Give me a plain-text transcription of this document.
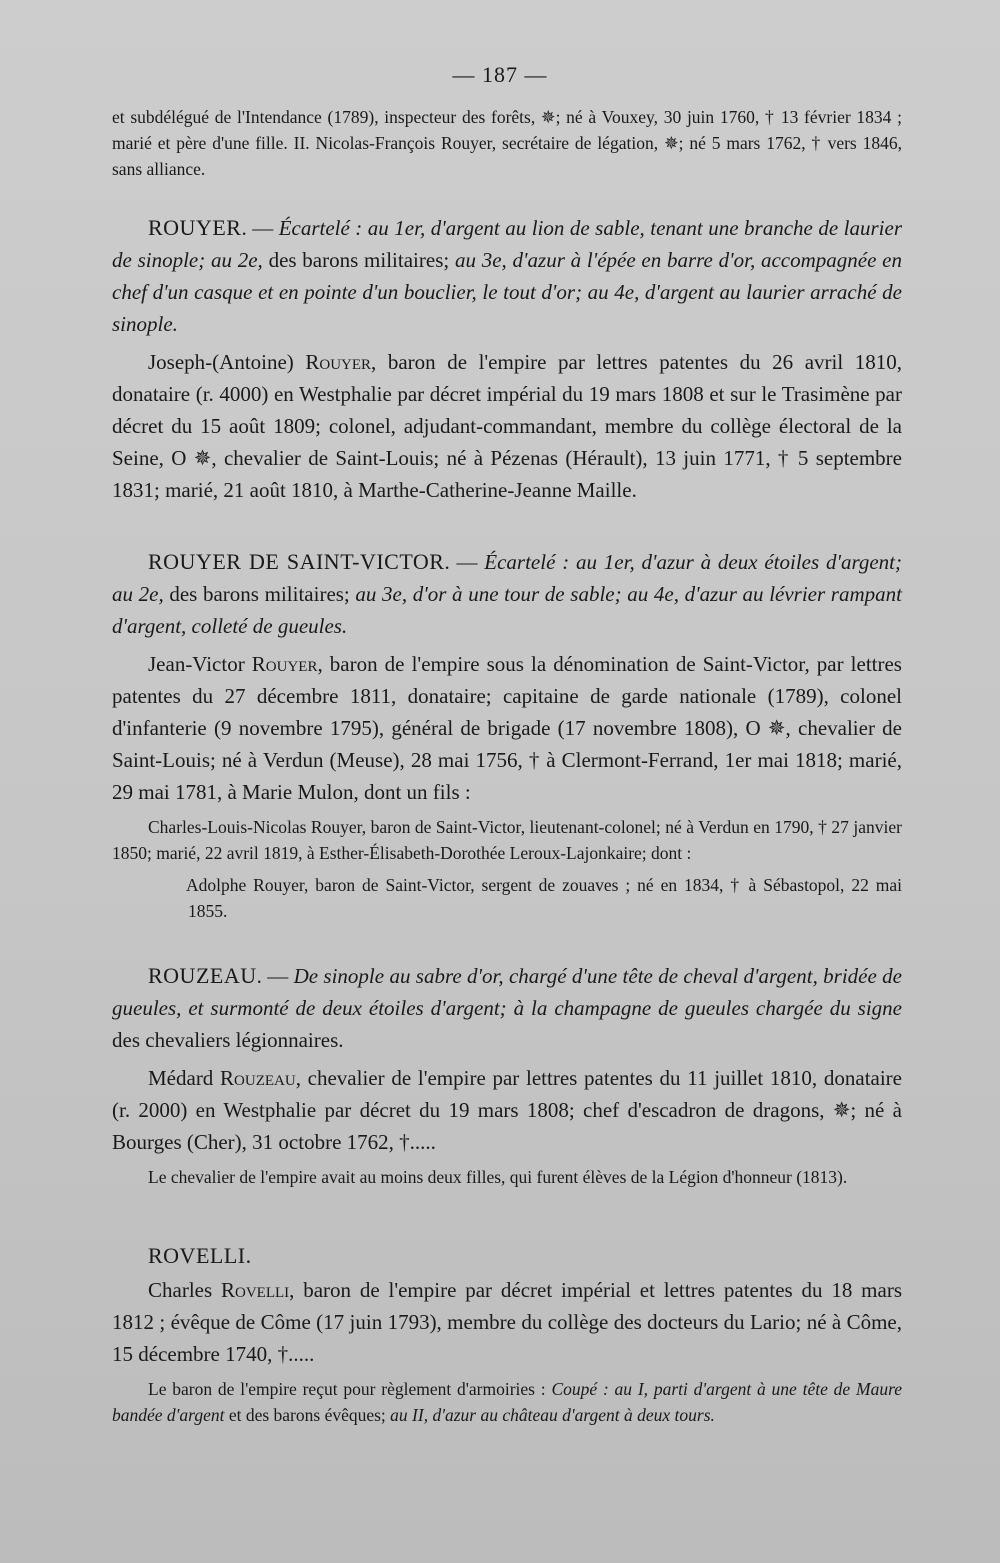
— 187 —

et subdélégué de l'Intendance (1789), inspecteur des forêts, ✵; né à Vouxey, 30 juin 1760, † 13 février 1834 ; marié et père d'une fille. II. Nicolas-François Rouyer, secrétaire de légation, ✵; né 5 mars 1762, † vers 1846, sans alliance.

ROUYER. — Écartelé : au 1er, d'argent au lion de sable, tenant une branche de laurier de sinople; au 2e, des barons militaires; au 3e, d'azur à l'épée en barre d'or, accompagnée en chef d'un casque et en pointe d'un bouclier, le tout d'or; au 4e, d'argent au laurier arraché de sinople.

Joseph-(Antoine) Rouyer, baron de l'empire par lettres patentes du 26 avril 1810, donataire (r. 4000) en Westphalie par décret impérial du 19 mars 1808 et sur le Trasimène par décret du 15 août 1809; colonel, adjudant-commandant, membre du collège électoral de la Seine, O ✵, chevalier de Saint-Louis; né à Pézenas (Hérault), 13 juin 1771, † 5 septembre 1831; marié, 21 août 1810, à Marthe-Catherine-Jeanne Maille.

ROUYER DE SAINT-VICTOR. — Écartelé : au 1er, d'azur à deux étoiles d'argent; au 2e, des barons militaires; au 3e, d'or à une tour de sable; au 4e, d'azur au lévrier rampant d'argent, colleté de gueules.

Jean-Victor Rouyer, baron de l'empire sous la dénomination de Saint-Victor, par lettres patentes du 27 décembre 1811, donataire; capitaine de garde nationale (1789), colonel d'infanterie (9 novembre 1795), général de brigade (17 novembre 1808), O ✵, chevalier de Saint-Louis; né à Verdun (Meuse), 28 mai 1756, † à Clermont-Ferrand, 1er mai 1818; marié, 29 mai 1781, à Marie Mulon, dont un fils :

Charles-Louis-Nicolas Rouyer, baron de Saint-Victor, lieutenant-colonel; né à Verdun en 1790, † 27 janvier 1850; marié, 22 avril 1819, à Esther-Élisabeth-Dorothée Leroux-Lajonkaire; dont :

Adolphe Rouyer, baron de Saint-Victor, sergent de zouaves ; né en 1834, † à Sébastopol, 22 mai 1855.

ROUZEAU. — De sinople au sabre d'or, chargé d'une tête de cheval d'argent, bridée de gueules, et surmonté de deux étoiles d'argent; à la champagne de gueules chargée du signe des chevaliers légionnaires.

Médard Rouzeau, chevalier de l'empire par lettres patentes du 11 juillet 1810, donataire (r. 2000) en Westphalie par décret du 19 mars 1808; chef d'escadron de dragons, ✵; né à Bourges (Cher), 31 octobre 1762, †.....

Le chevalier de l'empire avait au moins deux filles, qui furent élèves de la Légion d'honneur (1813).

ROVELLI.

Charles Rovelli, baron de l'empire par décret impérial et lettres patentes du 18 mars 1812 ; évêque de Côme (17 juin 1793), membre du collège des docteurs du Lario; né à Côme, 15 décembre 1740, †.....

Le baron de l'empire reçut pour règlement d'armoiries : Coupé : au I, parti d'argent à une tête de Maure bandée d'argent et des barons évêques; au II, d'azur au château d'argent à deux tours.
